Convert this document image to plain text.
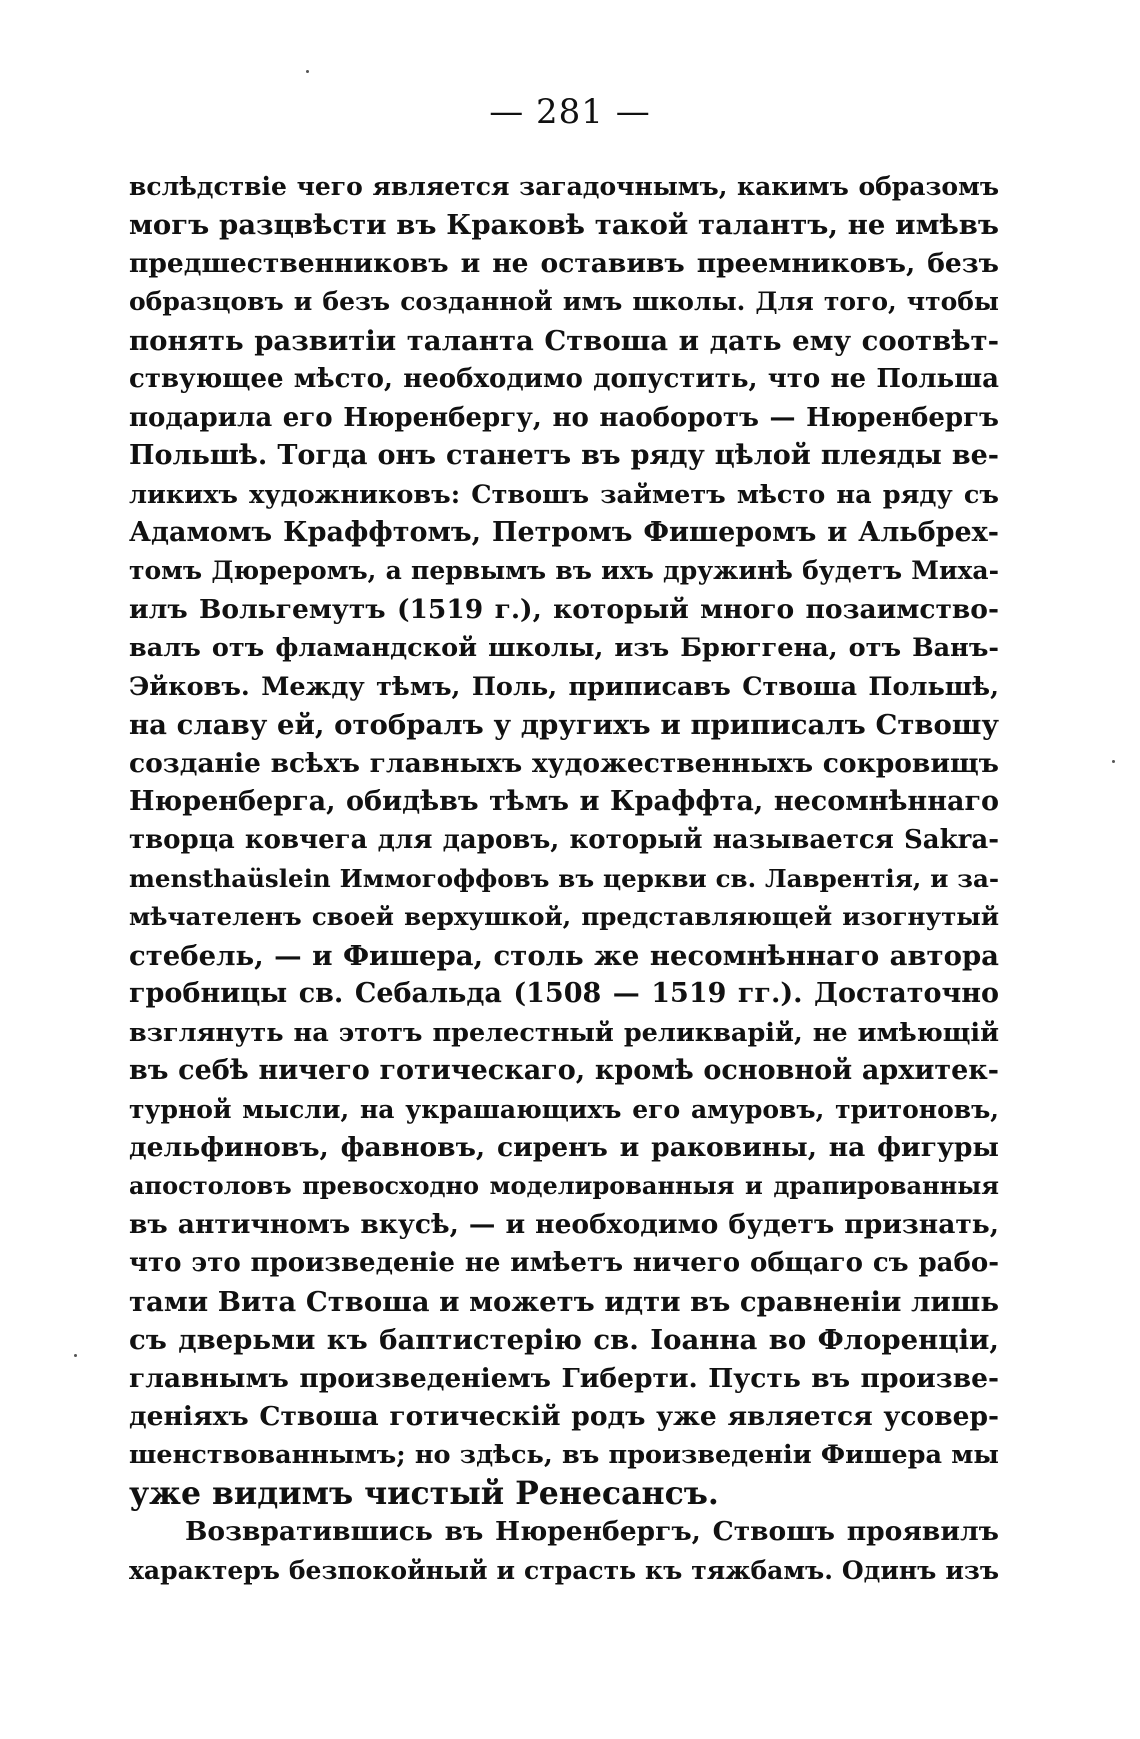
— 281 —
вслѣдствіе чего является загадочнымъ, какимъ образомъ
могъ разцвѣсти въ Краковѣ такой талантъ, не имѣвъ
предшественниковъ и не оставивъ преемниковъ, безъ
образцовъ и безъ созданной имъ школы. Для того, чтобы
понять развитіи таланта Ствоша и дать ему соотвѣт-
ствующее мѣсто, необходимо допустить, что не Польша
подарила его Нюренбергу, но наоборотъ — Нюренбергъ
Польшѣ. Тогда онъ станетъ въ ряду цѣлой плеяды ве-
ликихъ художниковъ: Ствошъ займетъ мѣсто на ряду съ
Адамомъ Краффтомъ, Петромъ Фишеромъ и Альбрех-
томъ Дюреромъ, а первымъ въ ихъ дружинѣ будетъ Миха-
илъ Вольгемутъ (1519 г.), который много позаимство-
валъ отъ фламандской школы, изъ Брюггена, отъ Ванъ-
Эйковъ. Между тѣмъ, Поль, приписавъ Ствоша Польшѣ,
на славу ей, отобралъ у другихъ и приписалъ Ствошу
созданіе всѣхъ главныхъ художественныхъ сокровищъ
Нюренберга, обидѣвъ тѣмъ и Краффта, несомнѣннаго
творца ковчега для даровъ, который называется Sakra-
mensthaüslein Иммогоффовъ въ церкви св. Лаврентія, и за-
мѣчателенъ своей верхушкой, представляющей изогнутый
стебель, — и Фишера, столь же несомнѣннаго автора
гробницы св. Себальда (1508 — 1519 гг.). Достаточно
взглянуть на этотъ прелестный реликварій, не имѣющій
въ себѣ ничего готическаго, кромѣ основной архитек-
турной мысли, на украшающихъ его амуровъ, тритоновъ,
дельфиновъ, фавновъ, сиренъ и раковины, на фигуры
апостоловъ превосходно моделированныя и драпированныя
въ античномъ вкусѣ, — и необходимо будетъ признать,
что это произведеніе не имѣетъ ничего общаго съ рабо-
тами Вита Ствоша и можетъ идти въ сравненіи лишь
съ дверьми къ баптистерію св. Іоанна во Флоренціи,
главнымъ произведеніемъ Гиберти. Пусть въ произве-
деніяхъ Ствоша готическій родъ уже является усовер-
шенствованнымъ; но здѣсь, въ произведеніи Фишера мы
уже видимъ чистый Ренесансъ.
Возвратившись въ Нюренбергъ, Ствошъ проявилъ
характеръ безпокойный и страсть къ тяжбамъ. Одинъ изъ
